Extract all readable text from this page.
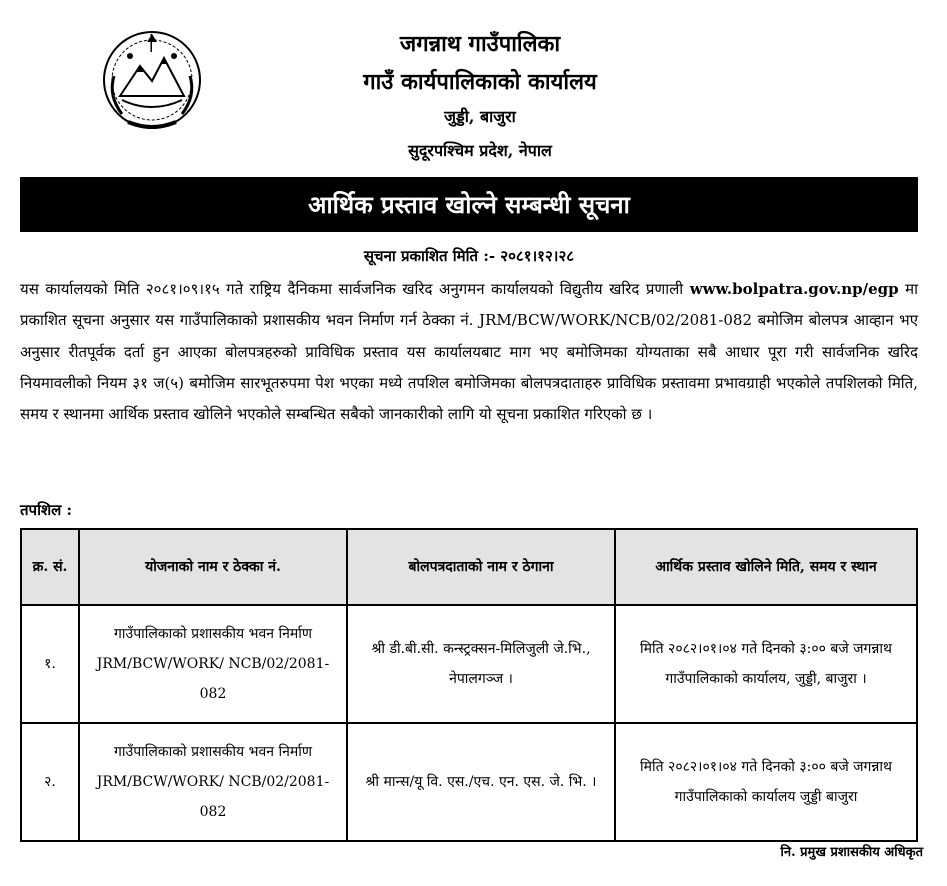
जगन्नाथ गाउँपालिका
गाउँ कार्यपालिकाको कार्यालय
जुड्डी, बाजुरा
सुदूरपश्चिम प्रदेश, नेपाल
आर्थिक प्रस्ताव खोल्ने सम्बन्धी सूचना
सूचना प्रकाशित मिति :- २०८१।१२।२८
यस कार्यालयको मिति २०८१।०९।१५ गते राष्ट्रिय दैनिकमा सार्वजनिक खरिद अनुगमन कार्यालयको विद्युतीय खरिद प्रणाली www.bolpatra.gov.np/egp मा प्रकाशित सूचना अनुसार यस गाउँपालिकाको प्रशासकीय भवन निर्माण गर्न ठेक्का नं. JRM/BCW/WORK/NCB/02/2081-082 बमोजिम बोलपत्र आव्हान भए अनुसार रीतपूर्वक दर्ता हुन आएका बोलपत्रहरुको प्राविधिक प्रस्ताव यस कार्यालयबाट माग भए बमोजिमका योग्यताका सबै आधार पूरा गरी सार्वजनिक खरिद नियमावलीको नियम ३१ ज(५) बमोजिम सारभूतरुपमा पेश भएका मध्ये तपशिल बमोजिमका बोलपत्रदाताहरु प्राविधिक प्रस्तावमा प्रभावग्राही भएकोले तपशिलको मिति, समय र स्थानमा आर्थिक प्रस्ताव खोलिने भएकोले सम्बन्धित सबैको जानकारीको लागि यो सूचना प्रकाशित गरिएको छ ।
तपशिल :
क्र. सं.	योजनाको नाम र ठेक्का नं.	बोलपत्रदाताको नाम र ठेगाना	आर्थिक प्रस्ताव खोलिने मिति, समय र स्थान
१.	गाउँपालिकाको प्रशासकीय भवन निर्माण JRM/BCW/WORK/ NCB/02/2081-082	श्री डी.बी.सी. कन्स्ट्रक्सन-मिलिजुली जे.भि., नेपालगञ्ज ।	मिति २०८२।०१।०४ गते दिनको ३:०० बजे जगन्नाथ गाउँपालिकाको कार्यालय, जुड्डी, बाजुरा ।
२.	गाउँपालिकाको प्रशासकीय भवन निर्माण JRM/BCW/WORK/ NCB/02/2081-082	श्री मान्स/यू वि. एस./एच. एन. एस. जे. भि. ।	मिति २०८२।०१।०४ गते दिनको ३:०० बजे जगन्नाथ गाउँपालिकाको कार्यालय जुड्डी बाजुरा
नि. प्रमुख प्रशासकीय अधिकृत
